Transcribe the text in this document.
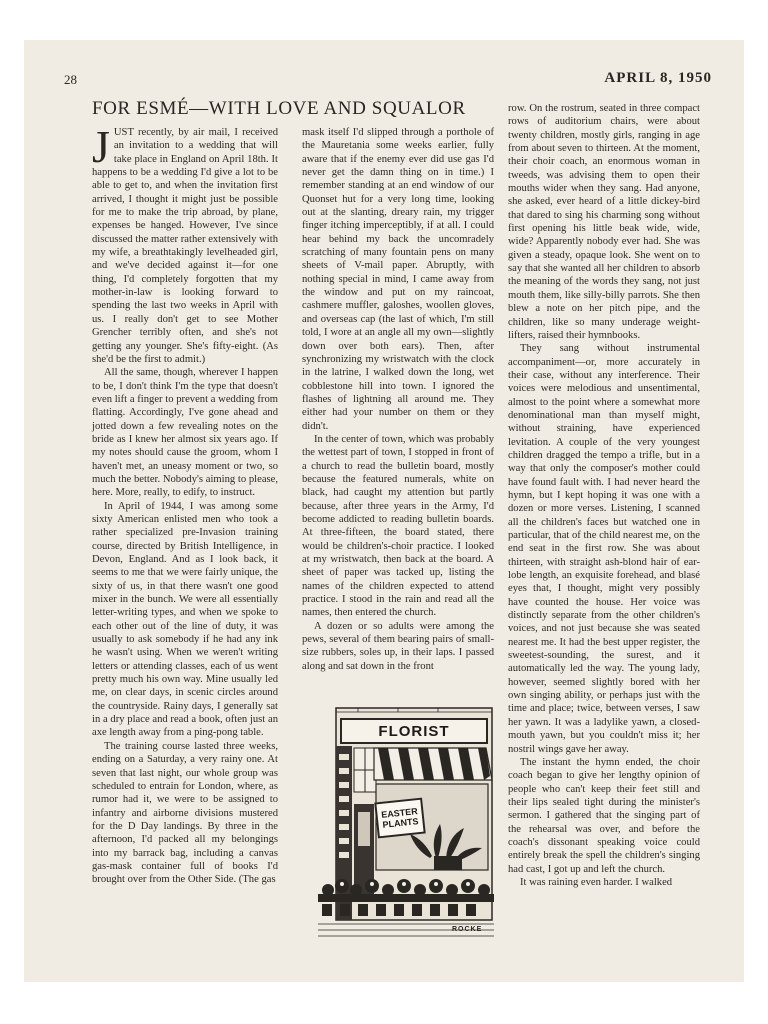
28	APRIL 8, 1950
FOR ESMÉ—WITH LOVE AND SQUALOR

JUST recently, by air mail, I received an invitation to a wedding that will take place in England on April 18th. It happens to be a wedding I'd give a lot to be able to get to, and when the invitation first arrived, I thought it might just be possible for me to make the trip abroad, by plane, expenses be hanged. However, I've since discussed the matter rather extensively with my wife, a breathtakingly levelheaded girl, and we've decided against it—for one thing, I'd completely forgotten that my mother-in-law is looking forward to spending the last two weeks in April with us. I really don't get to see Mother Grencher terribly often, and she's not getting any younger. She's fifty-eight. (As she'd be the first to admit.)

All the same, though, wherever I happen to be, I don't think I'm the type that doesn't even lift a finger to prevent a wedding from flatting. Accordingly, I've gone ahead and jotted down a few revealing notes on the bride as I knew her almost six years ago. If my notes should cause the groom, whom I haven't met, an uneasy moment or two, so much the better. Nobody's aiming to please, here. More, really, to edify, to instruct.

In April of 1944, I was among some sixty American enlisted men who took a rather specialized pre-Invasion training course, directed by British Intelligence, in Devon, England. And as I look back, it seems to me that we were fairly unique, the sixty of us, in that there wasn't one good mixer in the bunch. We were all essentially letter-writing types, and when we spoke to each other out of the line of duty, it was usually to ask somebody if he had any ink he wasn't using. When we weren't writing letters or attending classes, each of us went pretty much his own way. Mine usually led me, on clear days, in scenic circles around the countryside. Rainy days, I generally sat in a dry place and read a book, often just an axe length away from a ping-pong table.

The training course lasted three weeks, ending on a Saturday, a very rainy one. At seven that last night, our whole group was scheduled to entrain for London, where, as rumor had it, we were to be assigned to infantry and airborne divisions mustered for the D Day landings. By three in the afternoon, I'd packed all my belongings into my barrack bag, including a canvas gas-mask container full of books I'd brought over from the Other Side. (The gas

mask itself I'd slipped through a porthole of the Mauretania some weeks earlier, fully aware that if the enemy ever did use gas I'd never get the damn thing on in time.) I remember standing at an end window of our Quonset hut for a very long time, looking out at the slanting, dreary rain, my trigger finger itching imperceptibly, if at all. I could hear behind my back the uncomradely scratching of many fountain pens on many sheets of V-mail paper. Abruptly, with nothing special in mind, I came away from the window and put on my raincoat, cashmere muffler, galoshes, woollen gloves, and overseas cap (the last of which, I'm still told, I wore at an angle all my own—slightly down over both ears). Then, after synchronizing my wristwatch with the clock in the latrine, I walked down the long, wet cobblestone hill into town. I ignored the flashes of lightning all around me. They either had your number on them or they didn't.

In the center of town, which was probably the wettest part of town, I stopped in front of a church to read the bulletin board, mostly because the featured numerals, white on black, had caught my attention but partly because, after three years in the Army, I'd become addicted to reading bulletin boards. At three-fifteen, the board stated, there would be children's-choir practice. I looked at my wristwatch, then back at the board. A sheet of paper was tacked up, listing the names of the children expected to attend practice. I stood in the rain and read all the names, then entered the church.

A dozen or so adults were among the pews, several of them bearing pairs of small-size rubbers, soles up, in their laps. I passed along and sat down in the front

row. On the rostrum, seated in three compact rows of auditorium chairs, were about twenty children, mostly girls, ranging in age from about seven to thirteen. At the moment, their choir coach, an enormous woman in tweeds, was advising them to open their mouths wider when they sang. Had anyone, she asked, ever heard of a little dickey-bird that dared to sing his charming song without first opening his little beak wide, wide, wide? Apparently nobody ever had. She was given a steady, opaque look. She went on to say that she wanted all her children to absorb the meaning of the words they sang, not just mouth them, like silly-billy parrots. She then blew a note on her pitch pipe, and the children, like so many underage weight-lifters, raised their hymnbooks.

They sang without instrumental accompaniment—or, more accurately in their case, without any interference. Their voices were melodious and unsentimental, almost to the point where a somewhat more denominational man than myself might, without straining, have experienced levitation. A couple of the very youngest children dragged the tempo a trifle, but in a way that only the composer's mother could have found fault with. I had never heard the hymn, but I kept hoping it was one with a dozen or more verses. Listening, I scanned all the children's faces but watched one in particular, that of the child nearest me, on the end seat in the first row. She was about thirteen, with straight ash-blond hair of ear-lobe length, an exquisite forehead, and blasé eyes that, I thought, might very possibly have counted the house. Her voice was distinctly separate from the other children's voices, and not just because she was seated nearest me. It had the best upper register, the sweetest-sounding, the surest, and it automatically led the way. The young lady, however, seemed slightly bored with her own singing ability, or perhaps just with the time and place; twice, between verses, I saw her yawn. It was a ladylike yawn, a closed-mouth yawn, but you couldn't miss it; her nostril wings gave her away.

The instant the hymn ended, the choir coach began to give her lengthy opinion of people who can't keep their feet still and their lips sealed tight during the minister's sermon. I gathered that the singing part of the rehearsal was over, and before the coach's dissonant speaking voice could entirely break the spell the children's singing had cast, I got up and left the church.

It was raining even harder. I walked

FLORIST
EASTER
PLANTS
ROCKE
